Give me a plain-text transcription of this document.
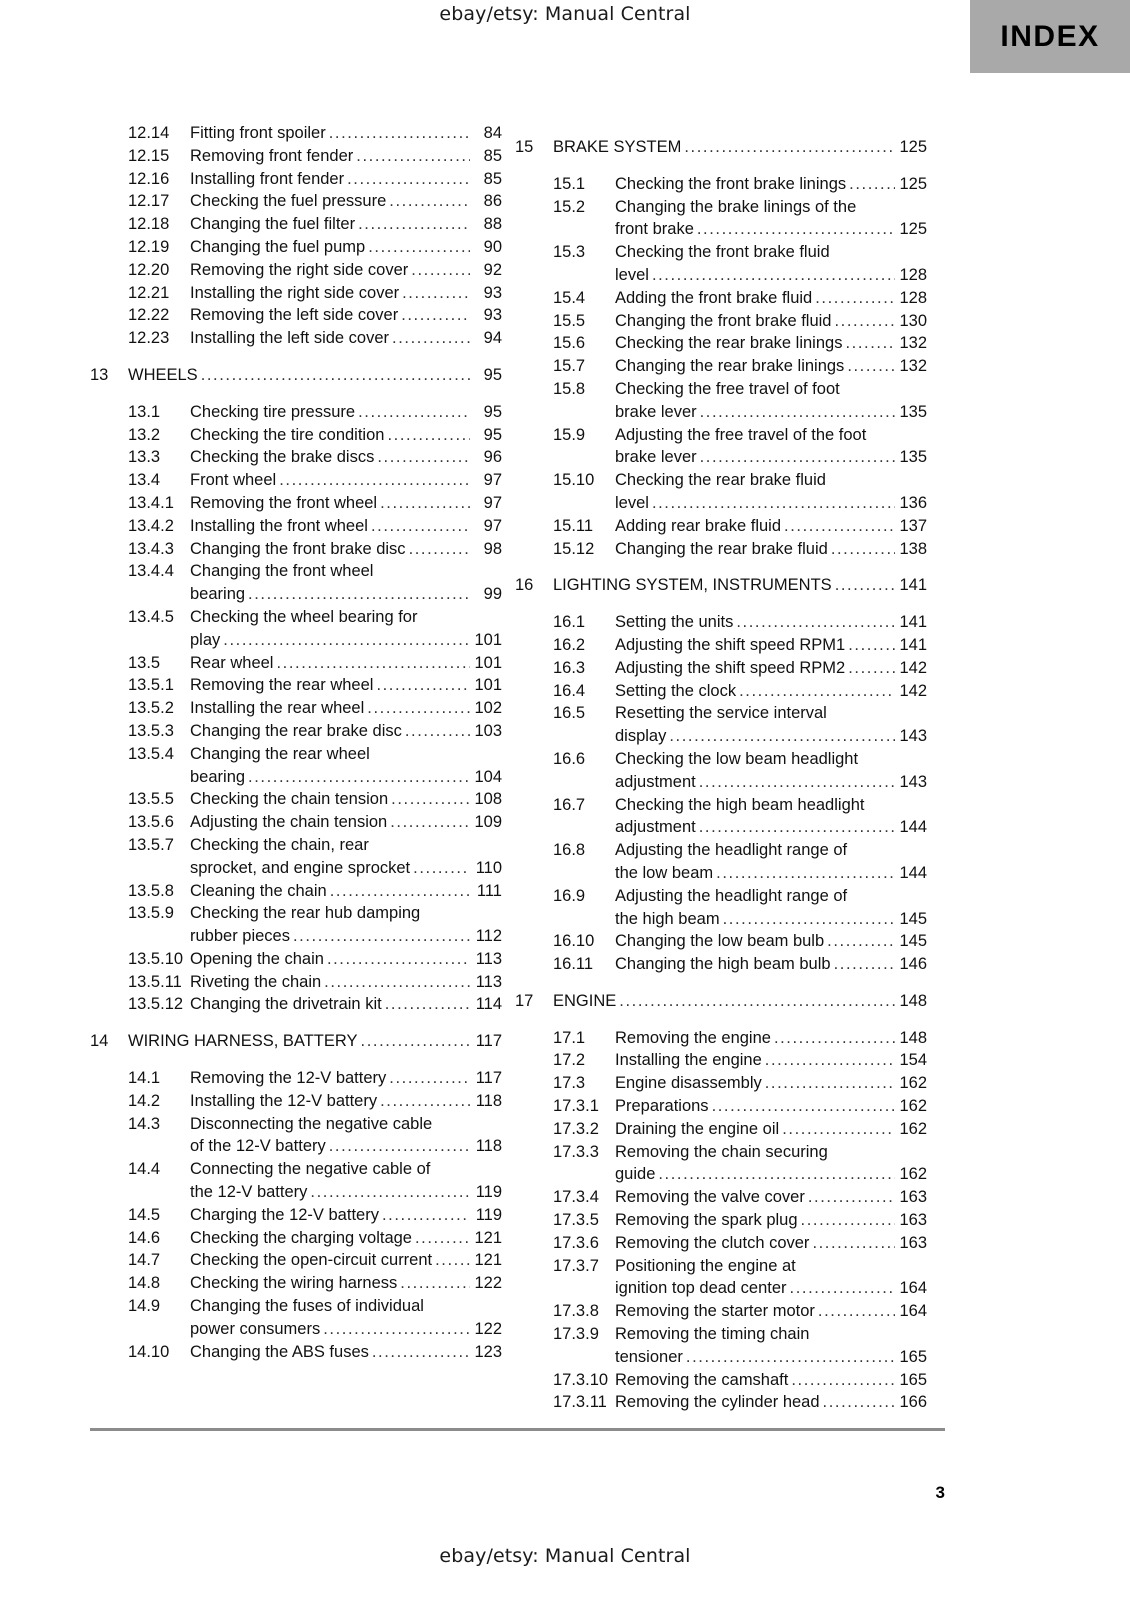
ebay/etsy: Manual Central
INDEX
12.14	Fitting front spoiler .....	84
12.15	Removing front fender .....	85
12.16	Installing front fender .....	85
12.17	Checking the fuel pressure .....	86
12.18	Changing the fuel filter .....	88
12.19	Changing the fuel pump .....	90
12.20	Removing the right side cover .....	92
12.21	Installing the right side cover .....	93
12.22	Removing the left side cover .....	93
12.23	Installing the left side cover .....	94
13	WHEELS .....	95
13.1	Checking tire pressure .....	95
13.2	Checking the tire condition .....	95
13.3	Checking the brake discs .....	96
13.4	Front wheel .....	97
13.4.1 Removing the front wheel .....	97
13.4.2 Installing the front wheel .....	97
13.4.3 Changing the front brake disc .....	98
13.4.4 Changing the front wheel
bearing .....	99
13.4.5 Checking the wheel bearing for
play .....	101
13.5	Rear wheel .....	101
13.5.1 Removing the rear wheel .....	101
13.5.2 Installing the rear wheel .....	102
13.5.3 Changing the rear brake disc .....	103
13.5.4 Changing the rear wheel
bearing .....	104
13.5.5 Checking the chain tension .....	108
13.5.6 Adjusting the chain tension .....	109
13.5.7 Checking the chain, rear
sprocket, and engine sprocket .....	110
13.5.8 Cleaning the chain .....	111
13.5.9 Checking the rear hub damping
rubber pieces .....	112
13.5.10 Opening the chain .....	113
13.5.11 Riveting the chain .....	113
13.5.12 Changing the drivetrain kit .....	114
14	WIRING HARNESS, BATTERY .....	117
14.1	Removing the 12-V battery .....	117
14.2	Installing the 12-V battery .....	118
14.3	Disconnecting the negative cable
of the 12-V battery .....	118
14.4	Connecting the negative cable of
the 12-V battery .....	119
14.5	Charging the 12-V battery .....	119
14.6	Checking the charging voltage .....	121
14.7	Checking the open-circuit current .....	121
14.8	Checking the wiring harness .....	122
14.9	Changing the fuses of individual
power consumers .....	122
14.10	Changing the ABS fuses .....	123
15	BRAKE SYSTEM .....	125
15.1	Checking the front brake linings .....	125
15.2	Changing the brake linings of the
front brake .....	125
15.3	Checking the front brake fluid
level .....	128
15.4	Adding the front brake fluid .....	128
15.5	Changing the front brake fluid .....	130
15.6	Checking the rear brake linings .....	132
15.7	Changing the rear brake linings .....	132
15.8	Checking the free travel of foot
brake lever .....	135
15.9	Adjusting the free travel of the foot
brake lever .....	135
15.10	Checking the rear brake fluid
level .....	136
15.11	Adding rear brake fluid .....	137
15.12	Changing the rear brake fluid .....	138
16	LIGHTING SYSTEM, INSTRUMENTS .....	141
16.1	Setting the units .....	141
16.2	Adjusting the shift speed RPM1 .....	141
16.3	Adjusting the shift speed RPM2 .....	142
16.4	Setting the clock .....	142
16.5	Resetting the service interval
display .....	143
16.6	Checking the low beam headlight
adjustment .....	143
16.7	Checking the high beam headlight
adjustment .....	144
16.8	Adjusting the headlight range of
the low beam .....	144
16.9	Adjusting the headlight range of
the high beam .....	145
16.10	Changing the low beam bulb .....	145
16.11	Changing the high beam bulb .....	146
17	ENGINE .....	148
17.1	Removing the engine .....	148
17.2	Installing the engine .....	154
17.3	Engine disassembly .....	162
17.3.1 Preparations .....	162
17.3.2 Draining the engine oil .....	162
17.3.3 Removing the chain securing
guide .....	162
17.3.4 Removing the valve cover .....	163
17.3.5 Removing the spark plug .....	163
17.3.6 Removing the clutch cover .....	163
17.3.7 Positioning the engine at
ignition top dead center .....	164
17.3.8 Removing the starter motor .....	164
17.3.9 Removing the timing chain
tensioner .....	165
17.3.10 Removing the camshaft .....	165
17.3.11 Removing the cylinder head .....	166
3
ebay/etsy: Manual Central
